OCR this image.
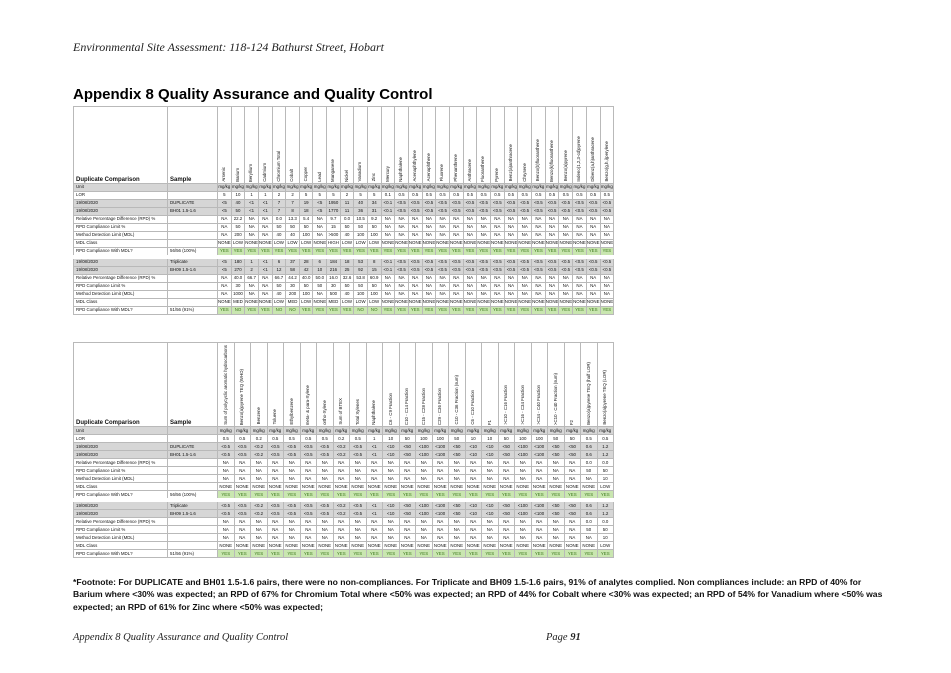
Environmental Site Assessment: 118-124 Bathurst Street, Hobart
Appendix 8 Quality Assurance and Quality Control
Duplicate Comparison	Sample	Arsenic	Barium	Beryllium	Cadmium	Chromium Total	Cobalt	Copper	Lead	Manganese	Nickel	Vanadium	Zinc	Mercury	Naphthalene	Acenaphthylene	Acenaphthene	Fluorene	Phenanthrene	Anthracene	Fluoranthene	Pyrene	Benz(a)anthracene	Chrysene	Benzo(b)fluoranthene	Benzo(k)fluoranthene	Benzo(a)pyrene	Indeno(1,2,3-cd)pyrene	Dibenz(a,h)anthracene	Benzo(g,h,i)perylene
Unit		mg/kg	mg/kg	mg/kg	mg/kg	mg/kg	mg/kg	mg/kg	mg/kg	mg/kg	mg/kg	mg/kg	mg/kg	mg/kg	mg/kg	mg/kg	mg/kg	mg/kg	mg/kg	mg/kg	mg/kg	mg/kg	mg/kg	mg/kg	mg/kg	mg/kg	mg/kg	mg/kg	mg/kg	mg/kg
LOR		5	10	1	1	2	2	5	5	5	2	5	5	0.1	0.5	0.5	0.5	0.5	0.5	0.5	0.5	0.5	0.5	0.5	0.5	0.5	0.5	0.5	0.5	0.5
19/08/2020	DUPLICATE	<5	40	<1	<1	7	7	19	<5	1950	11	40	34	<0.1	<0.5	<0.5	<0.5	<0.5	<0.5	<0.5	<0.5	<0.5	<0.5	<0.5	<0.5	<0.5	<0.5	<0.5	<0.5	<0.5
19/08/2020	BH01 1.5-1.6	<5	50	<1	<1	7	8	18	<5	1770	11	36	31	<0.1	<0.5	<0.5	<0.5	<0.5	<0.5	<0.5	<0.5	<0.5	<0.5	<0.5	<0.5	<0.5	<0.5	<0.5	<0.5	<0.5
Relative Percentage Difference (RPD) %		NA	22.2	NA	NA	0.0	13.3	5.4	NA	9.7	0.0	10.5	9.2	NA	NA	NA	NA	NA	NA	NA	NA	NA	NA	NA	NA	NA	NA	NA	NA	NA
RPD Compliance Limit %		NA	50	NA	NA	50	50	50	NA	15	50	50	50	NA	NA	NA	NA	NA	NA	NA	NA	NA	NA	NA	NA	NA	NA	NA	NA	NA
Method Detection Limit (MDL)		NA	200	NA	NA	40	40	100	NA	>500	40	100	100	NA	NA	NA	NA	NA	NA	NA	NA	NA	NA	NA	NA	NA	NA	NA	NA	NA
MDL Class		NONE	LOW	NONE	NONE	LOW	LOW	LOW	NONE	HIGH	LOW	LOW	LOW	NONE	NONE	NONE	NONE	NONE	NONE	NONE	NONE	NONE	NONE	NONE	NONE	NONE	NONE	NONE	NONE	NONE
RPD Compliance With MDL?	56/56 (100%)	YES	YES	YES	YES	YES	YES	YES	YES	YES	YES	YES	YES	YES	YES	YES	YES	YES	YES	YES	YES	YES	YES	YES	YES	YES	YES	YES	YES	YES
19/08/2020	Triplicate	<5	180	1	<1	6	37	28	6	184	18	53	8	<0.1	<0.5	<0.5	<0.5	<0.5	<0.5	<0.5	<0.5	<0.5	<0.5	<0.5	<0.5	<0.5	<0.5	<0.5	<0.5	<0.5
19/08/2020	BH09 1.5-1.6	<5	270	2	<1	12	58	42	10	216	25	92	15	<0.1	<0.5	<0.5	<0.5	<0.5	<0.5	<0.5	<0.5	<0.5	<0.5	<0.5	<0.5	<0.5	<0.5	<0.5	<0.5	<0.5
Relative Percentage Difference (RPD) %		NA	40.0	66.7	NA	66.7	44.2	40.0	50.0	16.0	32.6	53.8	60.9	NA	NA	NA	NA	NA	NA	NA	NA	NA	NA	NA	NA	NA	NA	NA	NA	NA
RPD Compliance Limit %		NA	30	NA	NA	50	30	50	50	30	50	50	50	NA	NA	NA	NA	NA	NA	NA	NA	NA	NA	NA	NA	NA	NA	NA	NA	NA
Method Detection Limit (MDL)		NA	1000	NA	NA	40	200	100	NA	500	40	100	100	NA	NA	NA	NA	NA	NA	NA	NA	NA	NA	NA	NA	NA	NA	NA	NA	NA
MDL Class		NONE	MED	NONE	NONE	LOW	MED	LOW	NONE	MED	LOW	LOW	LOW	NONE	NONE	NONE	NONE	NONE	NONE	NONE	NONE	NONE	NONE	NONE	NONE	NONE	NONE	NONE	NONE	NONE
RPD Compliance With MDL?	51/56 (91%)	YES	NO	YES	YES	NO	NO	YES	YES	YES	YES	NO	NO	YES	YES	YES	YES	YES	YES	YES	YES	YES	YES	YES	YES	YES	YES	YES	YES	YES
Duplicate Comparison	Sample	Sum of polycyclic aromatic hydrocarbons	Benzo(a)pyrene TEQ (WHO)	Benzene	Toluene	Ethylbenzene	meta- & para-Xylene	ortho-Xylene	Sum of BTEX	Total Xylenes	Naphthalene	C6 - C9 Fraction	C10 - C14 Fraction	C15 - C28 Fraction	C29 - C36 Fraction	C10 - C36 Fraction (sum)	C6 - C10 Fraction	F1	>C10 - C16 Fraction	>C16 - C34 Fraction	>C34 - C40 Fraction	>C10 - C40 Fraction (sum)	F2	Benzo(a)pyrene TEQ (half LOR)	Benzo(a)pyrene TEQ (LOR)
Unit		mg/kg	mg/kg	mg/kg	mg/kg	mg/kg	mg/kg	mg/kg	mg/kg	mg/kg	mg/kg	mg/kg	mg/kg	mg/kg	mg/kg	mg/kg	mg/kg	mg/kg	mg/kg	mg/kg	mg/kg	mg/kg	mg/kg	mg/kg	mg/kg
LOR		0.5	0.5	0.2	0.5	0.5	0.5	0.5	0.2	0.5	1	10	50	100	100	50	10	10	50	100	100	50	50	0.5	0.5
19/08/2020	DUPLICATE	<0.5	<0.5	<0.2	<0.5	<0.5	<0.5	<0.5	<0.2	<0.5	<1	<10	<50	<100	<100	<50	<10	<10	<50	<100	<100	<50	<50	0.6	1.2
19/08/2020	BH01 1.5-1.6	<0.5	<0.5	<0.2	<0.5	<0.5	<0.5	<0.5	<0.2	<0.5	<1	<10	<50	<100	<100	<50	<10	<10	<50	<100	<100	<50	<50	0.6	1.2
Relative Percentage Difference (RPD) %		NA	NA	NA	NA	NA	NA	NA	NA	NA	NA	NA	NA	NA	NA	NA	NA	NA	NA	NA	NA	NA	NA	0.0	0.0
RPD Compliance Limit %		NA	NA	NA	NA	NA	NA	NA	NA	NA	NA	NA	NA	NA	NA	NA	NA	NA	NA	NA	NA	NA	NA	50	50
Method Detection Limit (MDL)		NA	NA	NA	NA	NA	NA	NA	NA	NA	NA	NA	NA	NA	NA	NA	NA	NA	NA	NA	NA	NA	NA	NA	10
MDL Class		NONE	NONE	NONE	NONE	NONE	NONE	NONE	NONE	NONE	NONE	NONE	NONE	NONE	NONE	NONE	NONE	NONE	NONE	NONE	NONE	NONE	NONE	NONE	LOW
RPD Compliance With MDL?	56/56 (100%)	YES	YES	YES	YES	YES	YES	YES	YES	YES	YES	YES	YES	YES	YES	YES	YES	YES	YES	YES	YES	YES	YES	YES	YES
19/08/2020	Triplicate	<0.5	<0.5	<0.2	<0.5	<0.5	<0.5	<0.5	<0.2	<0.5	<1	<10	<50	<100	<100	<50	<10	<10	<50	<100	<100	<50	<50	0.6	1.2
19/08/2020	BH09 1.5-1.6	<0.5	<0.5	<0.2	<0.5	<0.5	<0.5	<0.5	<0.2	<0.5	<1	<10	<50	<100	<100	<50	<10	<10	<50	<100	<100	<50	<50	0.6	1.2
Relative Percentage Difference (RPD) %		NA	NA	NA	NA	NA	NA	NA	NA	NA	NA	NA	NA	NA	NA	NA	NA	NA	NA	NA	NA	NA	NA	0.0	0.0
RPD Compliance Limit %		NA	NA	NA	NA	NA	NA	NA	NA	NA	NA	NA	NA	NA	NA	NA	NA	NA	NA	NA	NA	NA	NA	50	50
Method Detection Limit (MDL)		NA	NA	NA	NA	NA	NA	NA	NA	NA	NA	NA	NA	NA	NA	NA	NA	NA	NA	NA	NA	NA	NA	NA	10
MDL Class		NONE	NONE	NONE	NONE	NONE	NONE	NONE	NONE	NONE	NONE	NONE	NONE	NONE	NONE	NONE	NONE	NONE	NONE	NONE	NONE	NONE	NONE	NONE	LOW
RPD Compliance With MDL?	51/56 (91%)	YES	YES	YES	YES	YES	YES	YES	YES	YES	YES	YES	YES	YES	YES	YES	YES	YES	YES	YES	YES	YES	YES	YES	YES
*Footnote: For DUPLICATE and BH01 1.5-1.6 pairs, there were no non-compliances. For Triplicate and BH09 1.5-1.6 pairs, 91% of analytes complied. Non compliances include: an RPD of 40% for Barium where <30% was expected; an RPD of 67% for Chromium Total where <50% was expected; an RPD of 44% for Cobalt where <30% was expected; an RPD of 54% for Vanadium where <50% was expected; an RPD of 61% for Zinc where <50% was expected;
Appendix 8 Quality Assurance and Quality Control	Page 91
